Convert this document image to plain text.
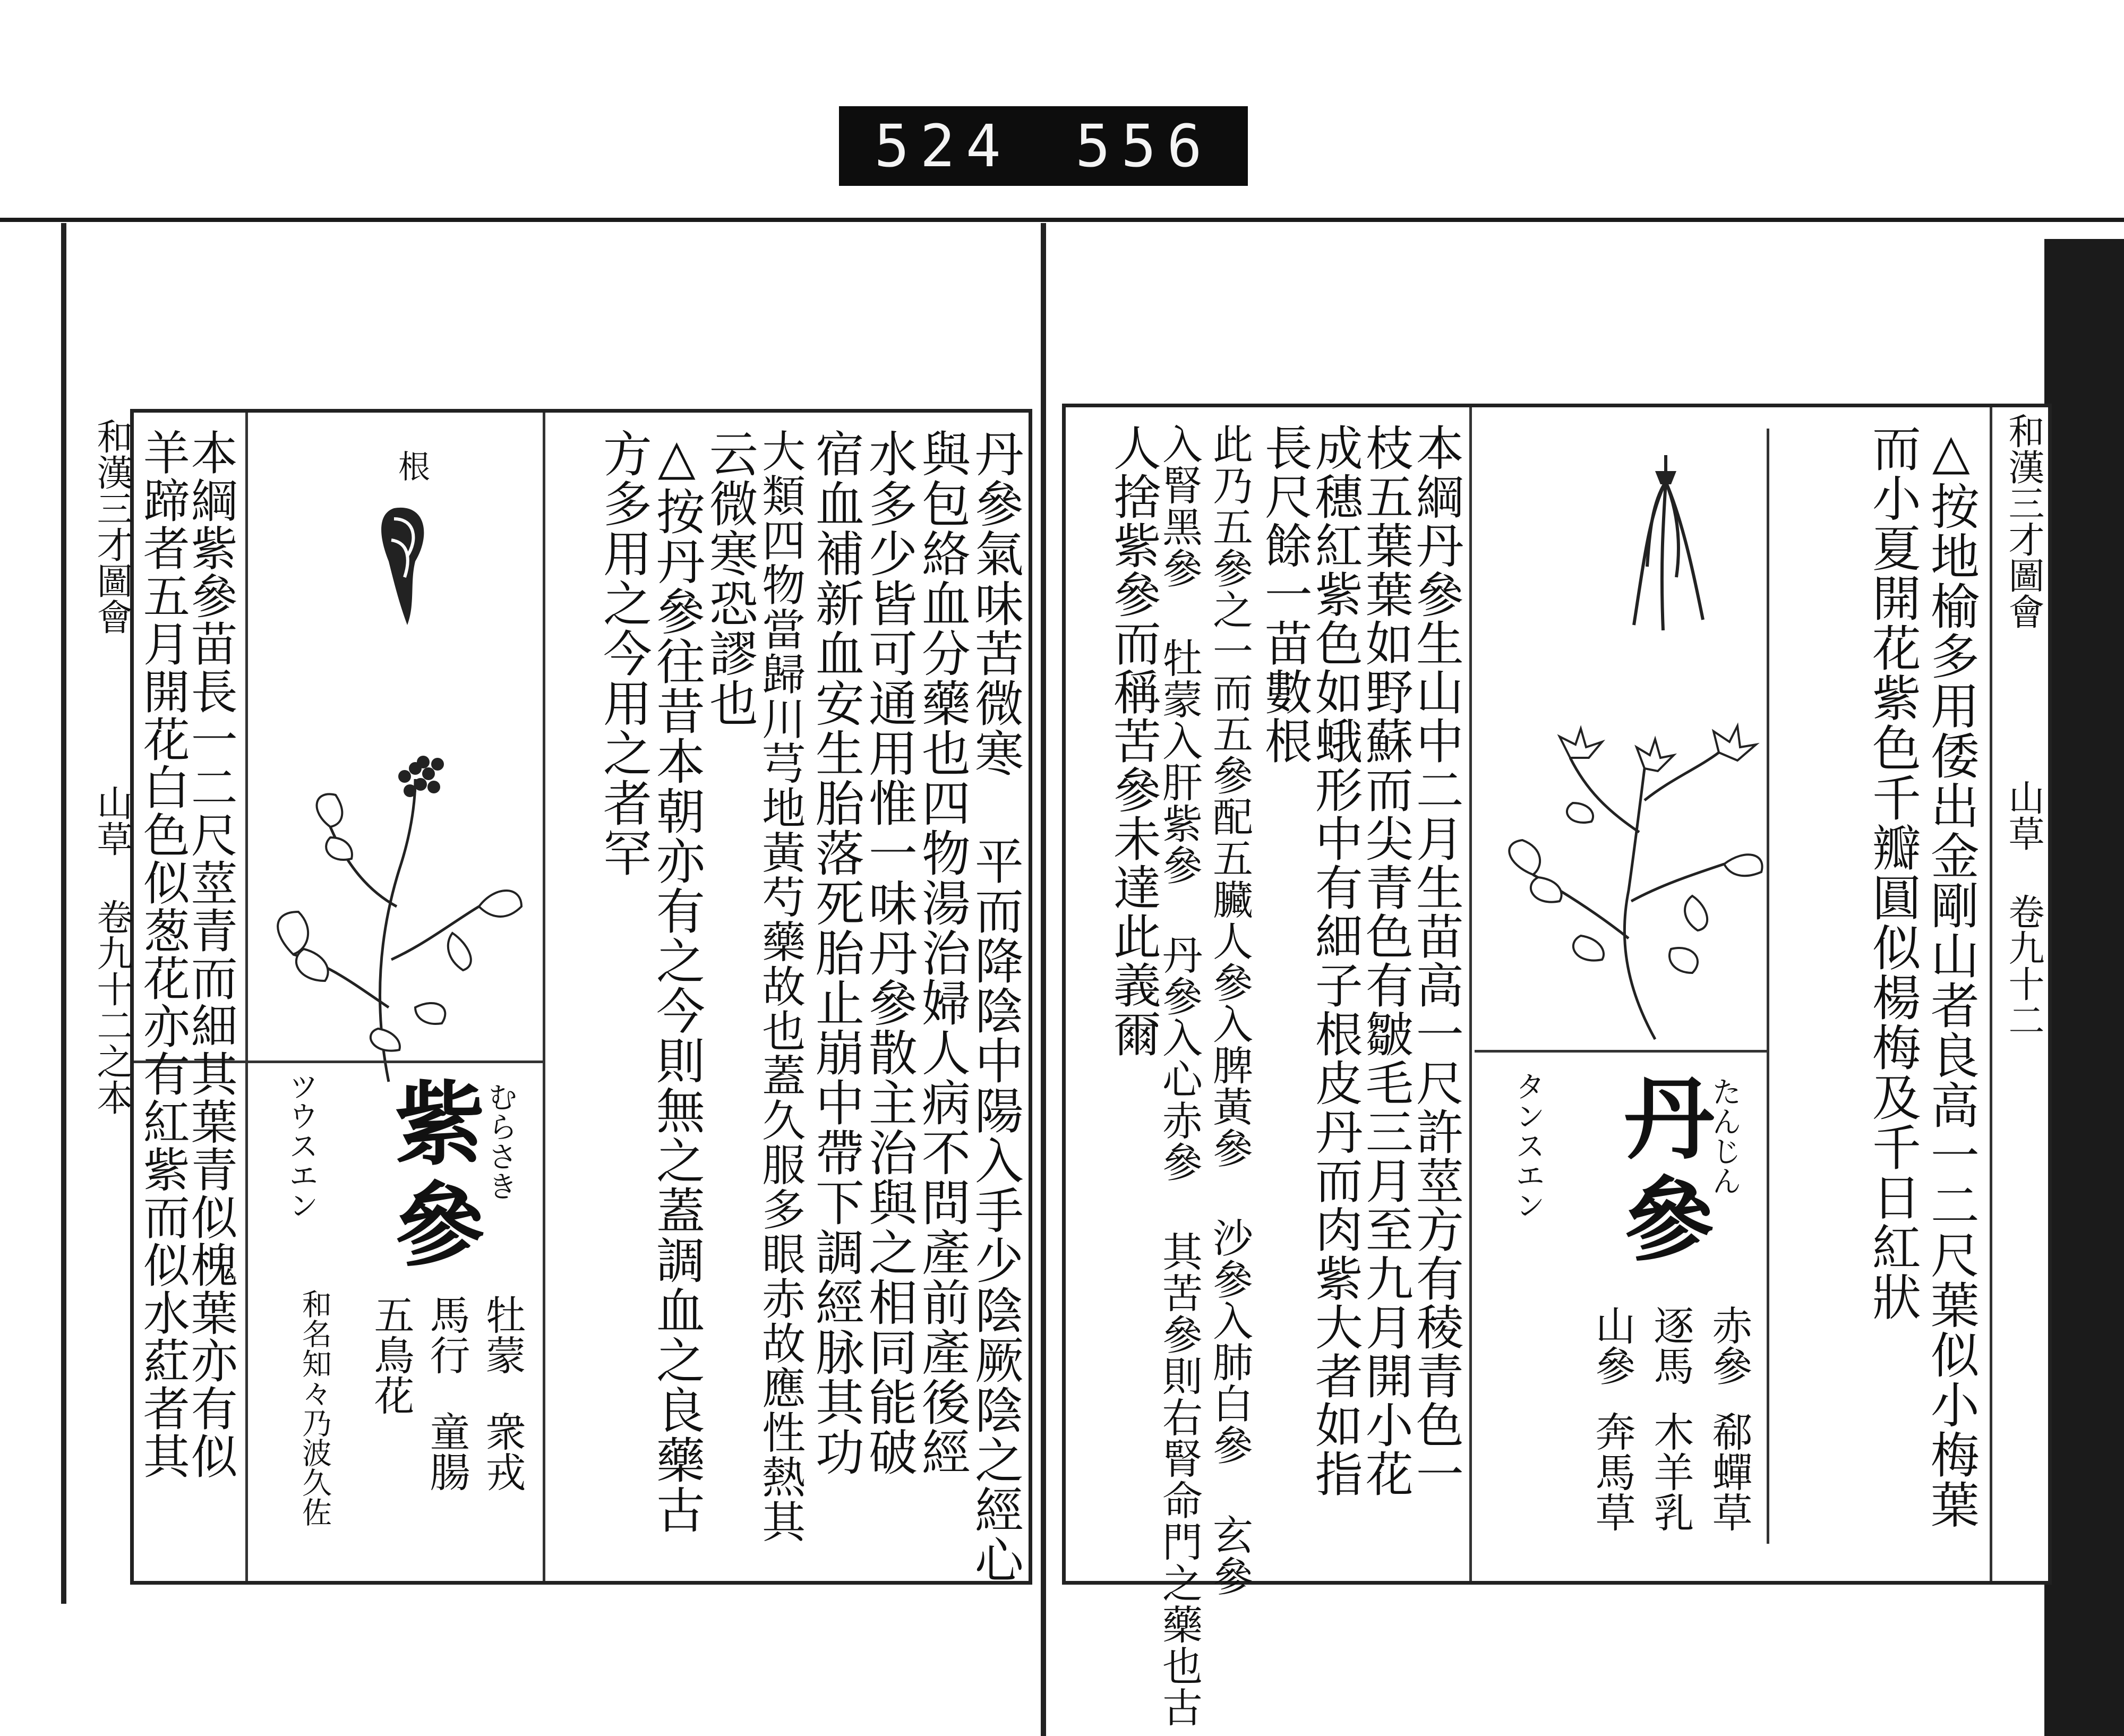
524 556
和漢三才圖會
山草 卷九十二之本	丹參氣味苦微寒 平而降陰中陽入手少陰厥陰之經心
與包絡血分藥也四物湯治婦人病不問產前產後經
水多少皆可通用惟一味丹參散主治與之相同能破
宿血補新血安生胎落死胎止崩中帶下調經脉其功
大類四物當歸川芎地黃芍藥故也蓋久服多眼赤故應性熱其
云微寒恐謬也
△按丹參往昔本朝亦有之今則無之蓋調血之良藥古
方多用之今用之者罕
根
むらさき
紫參
ツウスエン
牡蒙
衆戎
馬行
童腸
五鳥花
和名知々乃波久佐
本綱紫參苗長一二尺莖青而細其葉青似槐葉亦有似
羊蹄者五月開花白色似葱花亦有紅紫而似水葒者其	和漢三才圖會
山草 卷九十二
△按地榆多用倭出金剛山者良高一二尺葉似小梅葉
而小夏開花紫色千瓣圓似楊梅及千日紅狀
たんじん
丹參
タンスエン
赤參
郗蟬草
逐馬
木羊乳
山參
奔馬草
本綱丹參生山中二月生苗高一尺許莖方有稜青色一
枝五葉葉如野蘇而尖青色有皺毛三月至九月開小花
成穗紅紫色如蛾形中有細子根皮丹而肉紫大者如指
長尺餘一苗數根
此乃五參之一而五參配五臟人參入脾黃參 沙參入肺白參 玄參
入腎黑參 牡蒙入肝紫參 丹參入心赤參 其苦參則右腎命門之藥也古
人捨紫參而稱苦參未達此義爾
